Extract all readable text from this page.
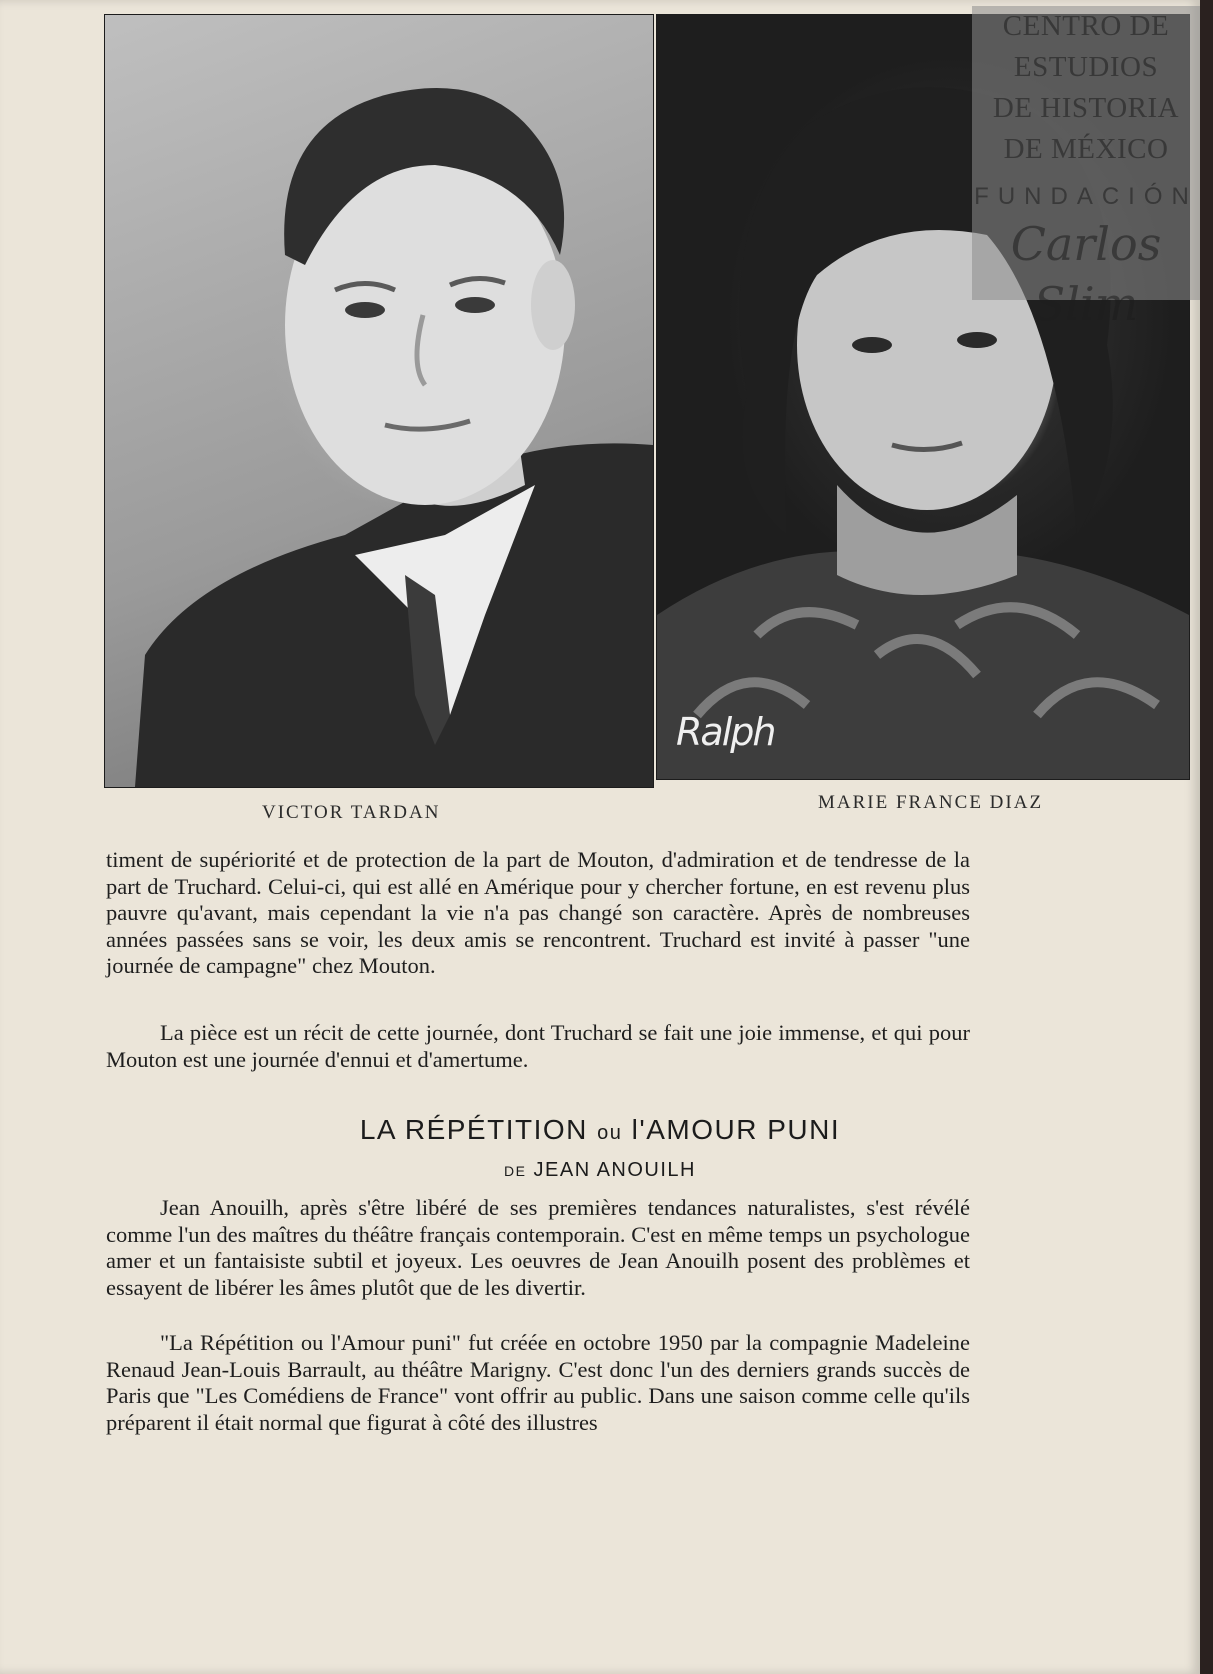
Ralph
CENTRO DE
ESTUDIOS
DE HISTORIA
DE MÉXICO
FUNDACIÓN
Carlos Slim
VICTOR TARDAN	MARIE FRANCE DIAZ

timent de supériorité et de protection de la part de Mouton, d'admiration et de tendresse de la part de Truchard. Celui-ci, qui est allé en Amérique pour y chercher fortune, en est revenu plus pauvre qu'avant, mais cependant la vie n'a pas changé son caractère. Après de nombreuses années passées sans se voir, les deux amis se rencontrent. Truchard est invité à passer "une journée de campagne" chez Mouton.

La pièce est un récit de cette journée, dont Truchard se fait une joie immense, et qui pour Mouton est une journée d'ennui et d'amertume.

LA RÉPÉTITION ou l'AMOUR PUNI
DE JEAN ANOUILH

Jean Anouilh, après s'être libéré de ses premières tendances naturalistes, s'est révélé comme l'un des maîtres du théâtre français contemporain. C'est en même temps un psychologue amer et un fantaisiste subtil et joyeux. Les oeuvres de Jean Anouilh posent des problèmes et essayent de libérer les âmes plutôt que de les divertir.

"La Répétition ou l'Amour puni" fut créée en octobre 1950 par la compagnie Madeleine Renaud Jean-Louis Barrault, au théâtre Marigny. C'est donc l'un des derniers grands succès de Paris que "Les Comédiens de France" vont offrir au public. Dans une saison comme celle qu'ils préparent il était normal que figurat à côté des illustres
